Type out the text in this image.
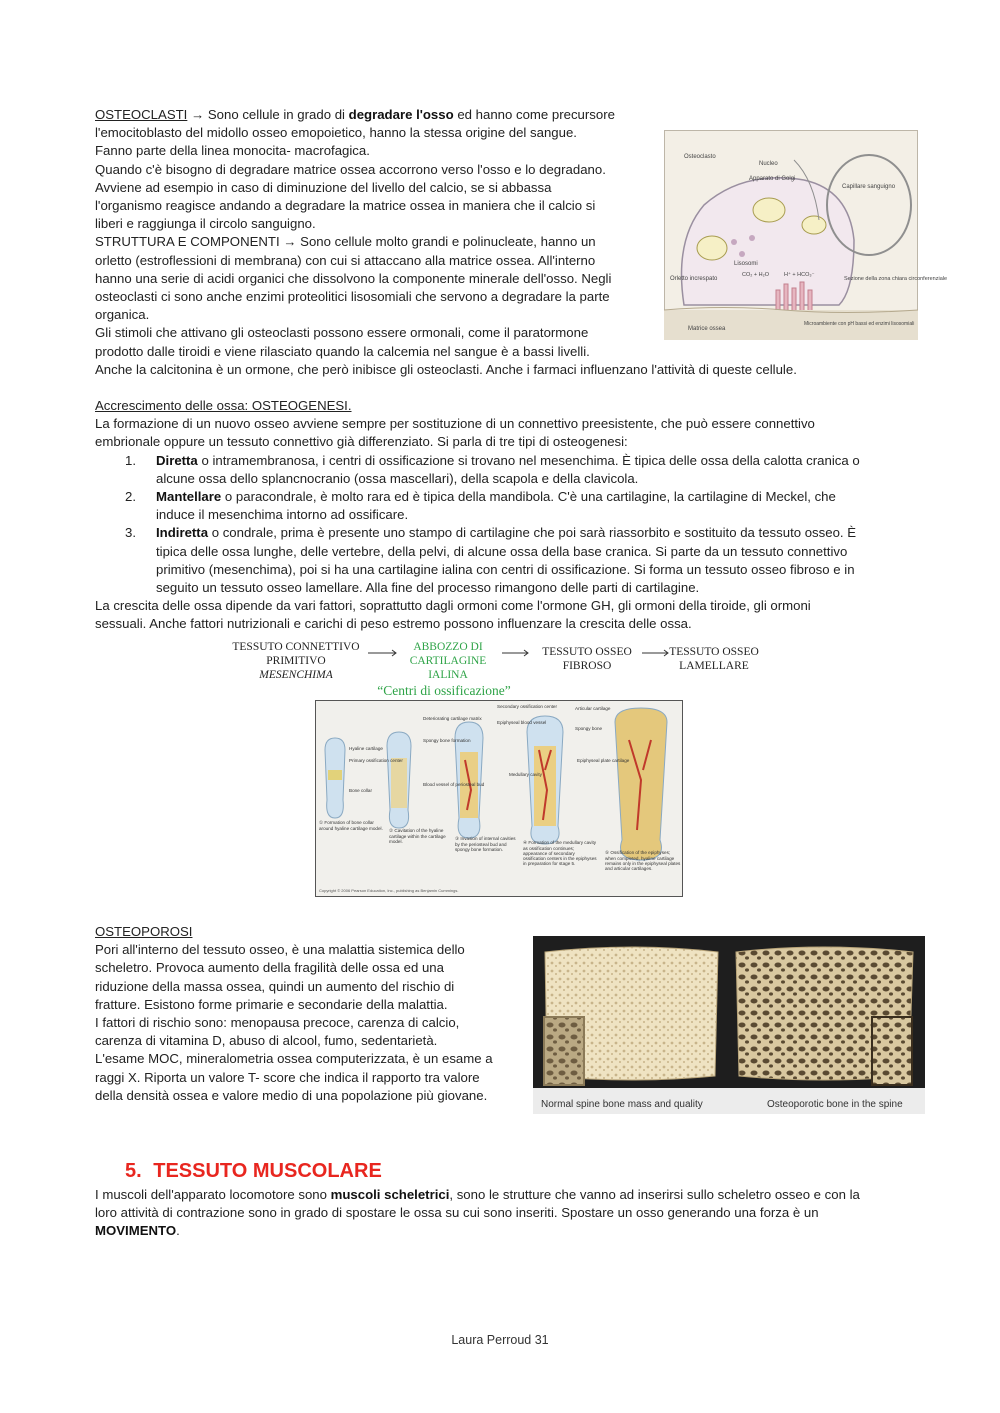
OSTEOCLASTI → Sono cellule in grado di degradare l'osso ed hanno come precursore
l'emocitoblasto del midollo osseo emopoietico, hanno la stessa origine del sangue.
Fanno parte della linea monocita- macrofagica.
Quando c'è bisogno di degradare matrice ossea accorrono verso l'osso e lo degradano.
Avviene ad esempio in caso di diminuzione del livello del calcio, se si abbassa
l'organismo reagisce andando a degradare la matrice ossea in maniera che il calcio si
liberi e raggiunga il circolo sanguigno.
STRUTTURA E COMPONENTI → Sono cellule molto grandi e polinucleate, hanno un
orletto (estroflessioni di membrana) con cui si attaccano alla matrice ossea. All'interno
hanno una serie di acidi organici che dissolvono la componente minerale dell'osso. Negli
osteoclasti ci sono anche enzimi proteolitici lisosomiali che servono a degradare la parte
organica.
Gli stimoli che attivano gli osteoclasti possono essere ormonali, come il paratormone
prodotto dalle tiroidi e viene rilasciato quando la calcemia nel sangue è a bassi livelli.
Anche la calcitonina è un ormone, che però inibisce gli osteoclasti. Anche i farmaci influenzano l'attività di queste cellule.
Osteoclasto
Nucleo
Apparato di Golgi
Capillare sanguigno
Lisosomi
CO₂ + H₂O	H⁺ + HCO₃⁻
Orletto increspato	Sezione della zona chiara circonferenziale
Matrice ossea
Microambiente con pH bassi ed enzimi lisosomiali
Accrescimento delle ossa: OSTEOGENESI.
La formazione di un nuovo osseo avviene sempre per sostituzione di un connettivo preesistente, che può essere connettivo
embrionale oppure un tessuto connettivo già differenziato. Si parla di tre tipi di osteogenesi:
1. Diretta o intramembranosa, i centri di ossificazione si trovano nel mesenchima. È tipica delle ossa della calotta cranica o
alcune ossa dello splancnocranio (ossa mascellari), della scapola e della clavicola.
2. Mantellare o paracondrale, è molto rara ed è tipica della mandibola. C'è una cartilagine, la cartilagine di Meckel, che
induce il mesenchima intorno ad ossificare.
3. Indiretta o condrale, prima è presente uno stampo di cartilagine che poi sarà riassorbito e sostituito da tessuto osseo. È
tipica delle ossa lunghe, delle vertebre, della pelvi, di alcune ossa della base cranica. Si parte da un tessuto connettivo
primitivo (mesenchima), poi si ha una cartilagine ialina con centri di ossificazione. Si forma un tessuto osseo fibroso e in
seguito un tessuto osseo lamellare. Alla fine del processo rimangono delle parti di cartilagine.
La crescita delle ossa dipende da vari fattori, soprattutto dagli ormoni come l'ormone GH, gli ormoni della tiroide, gli ormoni
sessuali. Anche fattori nutrizionali e carichi di peso estremo possono influenzare la crescita delle ossa.
TESSUTO CONNETTIVO
PRIMITIVO
MESENCHIMA
ABBOZZO DI
CARTILAGINE
IALINA
TESSUTO OSSEO
FIBROSO
TESSUTO OSSEO
LAMELLARE
“Centri di ossificazione”
Hyaline cartilage
Primary ossification center
Bone collar
Deteriorating cartilage matrix
Spongy bone formation
Blood vessel of periosteal bud
Secondary ossification center
Epiphyseal blood vessel
Medullary cavity
Articular cartilage
Spongy bone
Epiphyseal plate cartilage
① Formation of bone collar around hyaline cartilage model.	② Cavitation of the hyaline cartilage within the cartilage model.
③ Invasion of internal cavities by the periosteal bud and spongy bone formation.
④ Formation of the medullary cavity as ossification continues; appearance of secondary ossification centers in the epiphyses in preparation for stage 5.
⑤ Ossification of the epiphyses; when completed, hyaline cartilage remains only in the epiphyseal plates and articular cartilages.
Copyright © 2006 Pearson Education, Inc., publishing as Benjamin Cummings.
OSTEOPOROSI
Pori all'interno del tessuto osseo, è una malattia sistemica dello
scheletro. Provoca aumento della fragilità delle ossa ed una
riduzione della massa ossea, quindi un aumento del rischio di
fratture. Esistono forme primarie e secondarie della malattia.
I fattori di rischio sono: menopausa precoce, carenza di calcio,
carenza di vitamina D, abuso di alcool, fumo, sedentarietà.
L'esame MOC, mineralometria ossea computerizzata, è un esame a
raggi X. Riporta un valore T- score che indica il rapporto tra valore
della densità ossea e valore medio di una popolazione più giovane.
Normal spine bone mass and quality	Osteoporotic bone in the spine
5. TESSUTO MUSCOLARE
I muscoli dell'apparato locomotore sono muscoli scheletrici, sono le strutture che vanno ad inserirsi sullo scheletro osseo e con la
loro attività di contrazione sono in grado di spostare le ossa su cui sono inseriti. Spostare un osso generando una forza è un
MOVIMENTO.
Laura Perroud 31
